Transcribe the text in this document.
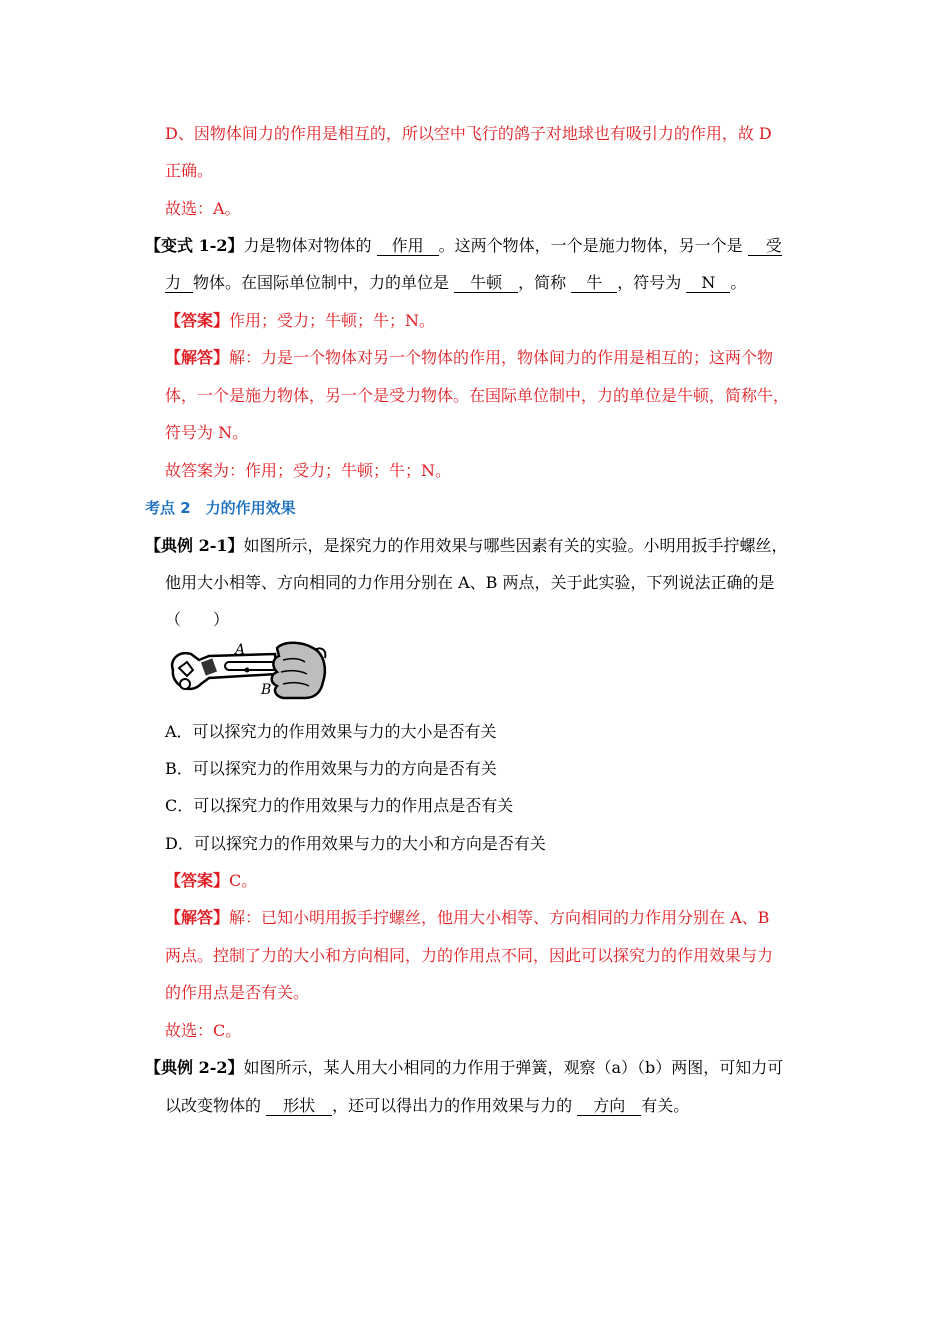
D、因物体间力的作用是相互的，所以空中飞行的鸽子对地球也有吸引力的作用，故 D
正确。
故选：A。
【变式 1-2】力是物体对物体的 作用 。这两个物体，一个是施力物体，另一个是 受
力 物体。在国际单位制中，力的单位是 牛顿 ，简称 牛 ，符号为 N 。
【答案】作用；受力；牛顿；牛；N。
【解答】解：力是一个物体对另一个物体的作用，物体间力的作用是相互的；这两个物
体，一个是施力物体，另一个是受力物体。在国际单位制中，力的单位是牛顿，简称牛，
符号为 N。
故答案为：作用；受力；牛顿；牛；N。
考点 2　力的作用效果
【典例 2-1】如图所示，是探究力的作用效果与哪些因素有关的实验。小明用扳手拧螺丝，
他用大小相等、方向相同的力作用分别在 A、B 两点，关于此实验，下列说法正确的是
（　　）
A
B
A．可以探究力的作用效果与力的大小是否有关
B．可以探究力的作用效果与力的方向是否有关
C．可以探究力的作用效果与力的作用点是否有关
D．可以探究力的作用效果与力的大小和方向是否有关
【答案】C。
【解答】解：已知小明用扳手拧螺丝，他用大小相等、方向相同的力作用分别在 A、B
两点。控制了力的大小和方向相同，力的作用点不同，因此可以探究力的作用效果与力
的作用点是否有关。
故选：C。
【典例 2-2】如图所示，某人用大小相同的力作用于弹簧，观察（a）（b）两图，可知力可
以改变物体的 形状 ，还可以得出力的作用效果与力的 方向 有关。
